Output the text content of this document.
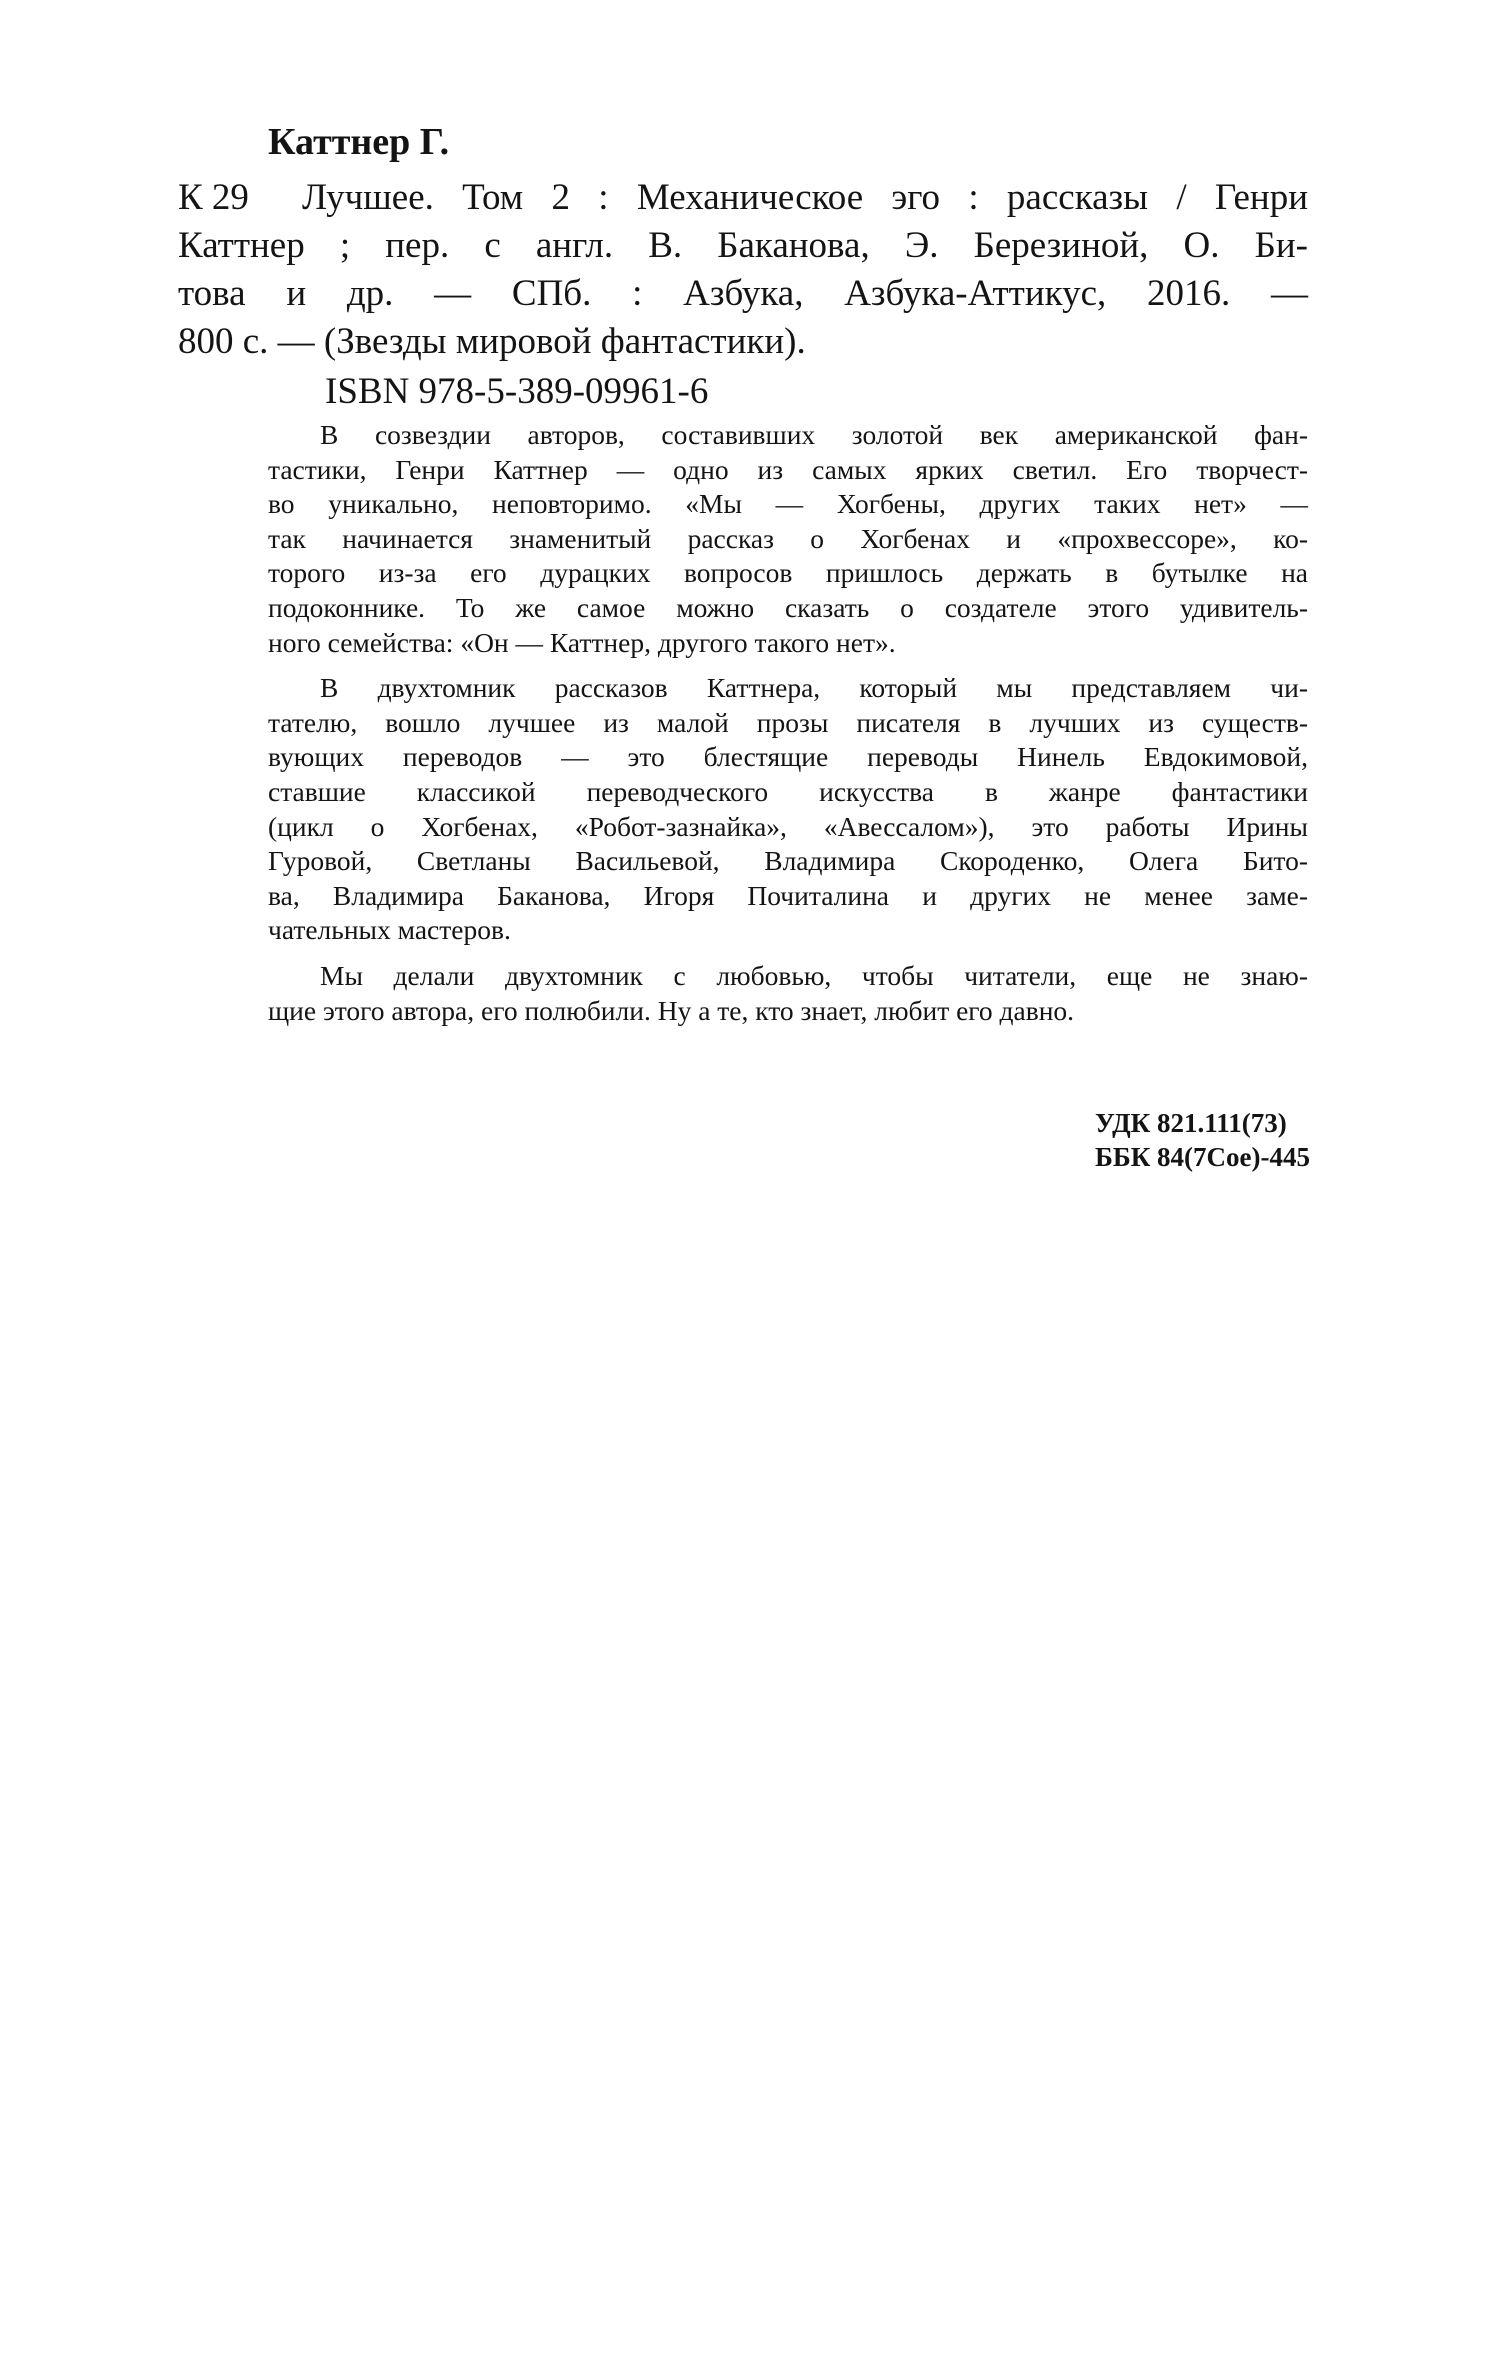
Каттнер Г.
К 29	Лучшее. Том 2 : Механическое эго : рассказы / Генри
Каттнер ; пер. с англ. В. Баканова, Э. Березиной, О. Би-
това и др. — СПб. : Азбука, Азбука-Аттикус, 2016. —
800 с. — (Звезды мировой фантастики).
ISBN 978-5-389-09961-6
В созвездии авторов, составивших золотой век американской фан-
тастики, Генри Каттнер — одно из самых ярких светил. Его творчест-
во уникально, неповторимо. «Мы — Хогбены, других таких нет» —
так начинается знаменитый рассказ о Хогбенах и «прохвессоре», ко-
торого из-за его дурацких вопросов пришлось держать в бутылке на
подоконнике. То же самое можно сказать о создателе этого удивитель-
ного семейства: «Он — Каттнер, другого такого нет».
В двухтомник рассказов Каттнера, который мы представляем чи-
тателю, вошло лучшее из малой прозы писателя в лучших из существ-
вующих переводов — это блестящие переводы Нинель Евдокимовой,
ставшие классикой переводческого искусства в жанре фантастики
(цикл о Хогбенах, «Робот-зазнайка», «Авессалом»), это работы Ирины
Гуровой, Светланы Васильевой, Владимира Скороденко, Олега Бито-
ва, Владимира Баканова, Игоря Почиталина и других не менее замe-
чательных мастеров.
Мы делали двухтомник с любовью, чтобы читатели, еще не знаю-
щие этого автора, его полюбили. Ну а те, кто знает, любит его давно.
УДК 821.111(73)
ББК 84(7Сое)-445
